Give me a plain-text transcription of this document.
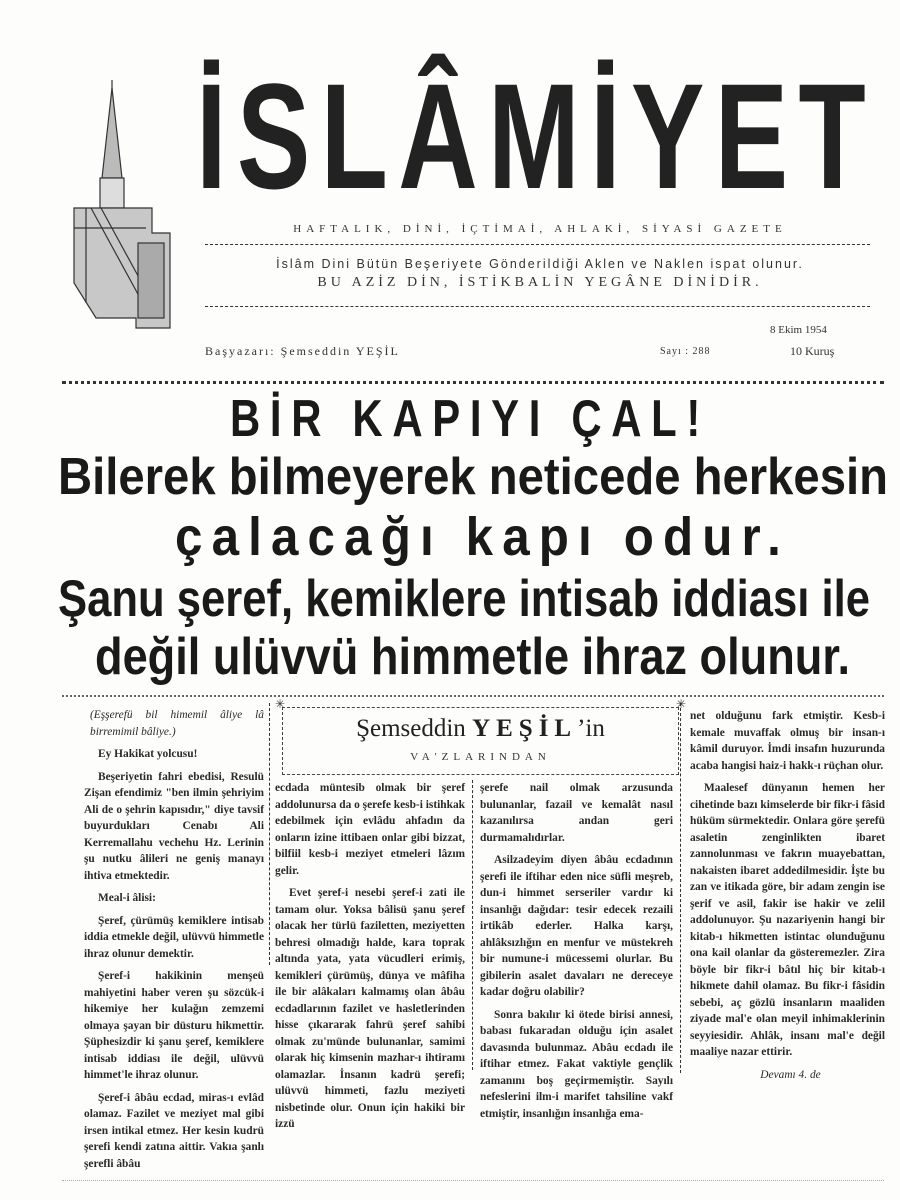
İSLÂMİYET
HAFTALIK, DİNİ, İÇTİMAİ, AHLAKİ, SİYASİ GAZETE
İslâm Dini Bütün Beşeriyete Gönderildiği Aklen ve Naklen ispat olunur.
BU AZİZ DİN, İSTİKBALİN YEGÂNE DİNİDİR.
8 Ekim 1954
Başyazarı: Şemseddin YEŞİL	Sayı : 288	10 Kuruş
BİR KAPIYI ÇAL!
Bilerek bilmeyerek neticede herkesin
çalacağı kapı odur.
Şanu şeref, kemiklere intisab iddiası ile
değil ulüvvü himmetle ihraz olunur.
✳	✳
Şemseddin YEŞİL’in
VA'ZLARINDAN

(Eşşerefü bil himemil âliye lâ birremimil bâliye.)

Ey Hakikat yolcusu!

Beşeriyetin fahri ebedisi, Resulü Zişan efendimiz "ben ilmin şehriyim Ali de o şehrin kapısıdır," diye tavsif buyurdukları Cenabı Ali Kerremallahu vechehu Hz. Lerinin şu nutku âlileri ne geniş manayı ihtiva etmektedir.

Meal-i âlisi:

Şeref, çürümüş kemiklere intisab iddia etmekle değil, ulüvvü himmetle ihraz olunur demektir.

Şeref-i hakikinin menşeü mahiyetini haber veren şu sözcük-i hikemiye her kulağın zemzemi olmaya şayan bir düsturu hikmettir. Şüphesizdir ki şanu şeref, kemiklere intisab iddiası ile değil, ulüvvü himmet'le ihraz olunur.

Şeref-i âbâu ecdad, miras-ı evlâd olamaz. Fazilet ve meziyet mal gibi irsen intikal etmez. Her kesin kudrü şerefi kendi zatına aittir. Vakıa şanlı şerefli âbâu

ecdada müntesib olmak bir şeref addolunursa da o şerefe kesb-i istihkak edebilmek için evlâdu ahfadın da onların izine ittibaen onlar gibi bizzat, bilfiil kesb-i meziyet etmeleri lâzım gelir.

Evet şeref-i nesebi şeref-i zati ile tamam olur. Yoksa bâlisü şanu şeref olacak her türlü faziletten, meziyetten behresi olmadığı halde, kara toprak altında yata, yata vücudleri erimiş, kemikleri çürümüş, dünya ve mâfiha ile bir alâkaları kalmamış olan âbâu ecdadlarının fazilet ve hasletlerinden hisse çıkararak fahrü şeref sahibi olmak zu'münde bulunanlar, samimi olarak hiç kimsenin mazhar-ı ihtiramı olamazlar. İnsanın kadrü şerefi; ulüvvü himmeti, fazlu meziyeti nisbetinde olur. Onun için hakiki bir izzü

şerefe nail olmak arzusunda bulunanlar, fazail ve kemalât nasıl kazanılırsa andan geri durmamalıdırlar.

Asilzadeyim diyen âbâu ecdadının şerefi ile iftihar eden nice süfli meşreb, dun-i himmet serseriler vardır ki insanlığı dağıdar: tesir edecek rezaili irtikâb ederler. Halka karşı, ahlâksızlığın en menfur ve müstekreh bir numune-i mücessemi olurlar. Bu gibilerin asalet davaları ne dereceye kadar doğru olabilir?

Sonra bakılır ki ötede birisi annesi, babası fukaradan olduğu için asalet davasında bulunmaz. Abâu ecdadı ile iftihar etmez. Fakat vaktiyle gençlik zamanını boş geçirmemiştir. Sayılı nefeslerini ilm-i marifet tahsiline vakf etmiştir, insanlığın insanlığa ema-

net olduğunu fark etmiştir. Kesb-i kemale muvaffak olmuş bir insan-ı kâmil duruyor. İmdi insafın huzurunda acaba hangisi haiz-i hakk-ı rüçhan olur.

Maalesef dünyanın hemen her cihetinde bazı kimselerde bir fikr-i fâsid hüküm sürmektedir. Onlara göre şerefü asaletin zenginlikten ibaret zannolunması ve fakrın muayebattan, nakaisten ibaret addedilmesidir. İşte bu zan ve itikada göre, bir adam zengin ise şerif ve asil, fakir ise hakir ve zelil addolunuyor. Şu nazariyenin hangi bir kitab-ı hikmetten istintac olunduğunu ona kail olanlar da gösteremezler. Zira böyle bir fikr-i bâtıl hiç bir kitab-ı hikmete dahil olamaz. Bu fikr-i fâsidin sebebi, aç gözlü insanların maaliden ziyade mal'e olan meyil inhimaklerinin seyyiesidir. Ahlâk, insanı mal'e değil maaliye nazar ettirir.

Devamı 4. de
